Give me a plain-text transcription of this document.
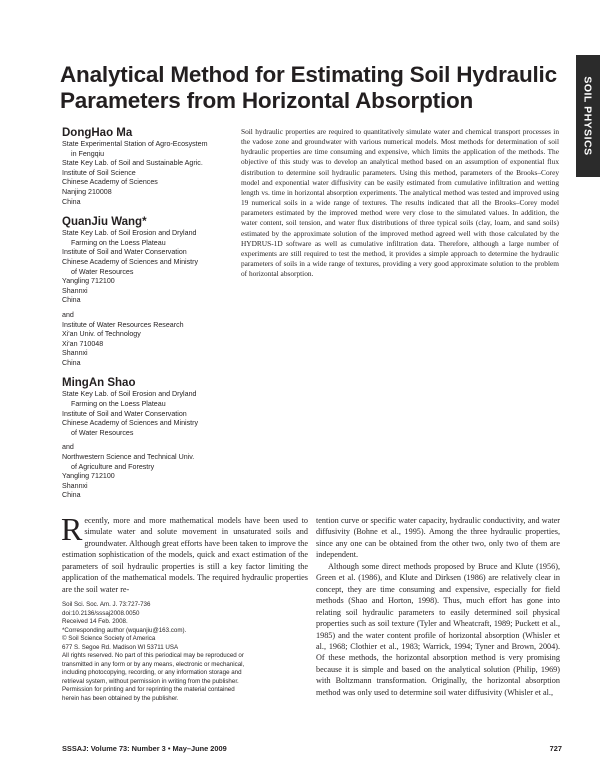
SOIL PHYSICS
Analytical Method for Estimating Soil Hydraulic Parameters from Horizontal Absorption
DongHao Ma
State Experimental Station of Agro-Ecosystem
in Fengqiu
State Key Lab. of Soil and Sustainable Agric.
Institute of Soil Science
Chinese Academy of Sciences
Nanjing 210008
China
QuanJiu Wang*
State Key Lab. of Soil Erosion and Dryland
Farming on the Loess Plateau
Institute of Soil and Water Conservation
Chinese Academy of Sciences and Ministry
of Water Resources
Yangling 712100
Shannxi
China
and
Institute of Water Resources Research
Xi'an Univ. of Technology
Xi'an 710048
Shannxi
China
MingAn Shao
State Key Lab. of Soil Erosion and Dryland
Farming on the Loess Plateau
Institute of Soil and Water Conservation
Chinese Academy of Sciences and Ministry
of Water Resources
and
Northwestern Science and Technical Univ.
of Agriculture and Forestry
Yangling 712100
Shannxi
China
Soil hydraulic properties are required to quantitatively simulate water and chemical transport processes in the vadose zone and groundwater with various numerical models. Most methods for determination of soil hydraulic properties are time consuming and expensive, which limits the application of the methods. The objective of this study was to develop an analytical method based on an assumption of exponential flux distribution to determine soil hydraulic parameters. Using this method, parameters of the Brooks–Corey model and exponential water diffusivity can be easily estimated from cumulative infiltration and wetting length vs. time in horizontal absorption experiments. The analytical method was tested and improved using 19 numerical soils in a wide range of textures. The results indicated that all the Brooks–Corey model parameters estimated by the improved method were very close to the simulated values. In addition, the water content, soil tension, and water flux distributions of three typical soils (clay, loam, and sand soils) estimated by the approximate solution of the improved method agreed well with those calculated by the HYDRUS-1D software as well as cumulative infiltration data. Therefore, although a large number of experiments are still required to test the method, it provides a simple approach to determine the hydraulic parameters of soils in a wide range of textures, providing a very good approximate solution to the problem of horizontal absorption.

Recently, more and more mathematical models have been used to simulate water and solute movement in unsaturated soils and groundwater. Although great efforts have been taken to improve the estimation sophistication of the models, quick and exact estimation of the parameters of soil hydraulic properties is still a key factor limiting the application of the mathematical models. The required hydraulic properties are the soil water re-

Soil Sci. Soc. Am. J. 73:727-736
doi:10.2136/sssaj2008.0050
Received 14 Feb. 2008.
*Corresponding author (wquanjiu@163.com).
© Soil Science Society of America
677 S. Segoe Rd. Madison WI 53711 USA
All rights reserved. No part of this periodical may be reproduced or
transmitted in any form or by any means, electronic or mechanical,
including photocopying, recording, or any information storage and
retrieval system, without permission in writing from the publisher.
Permission for printing and for reprinting the material contained
herein has been obtained by the publisher.

tention curve or specific water capacity, hydraulic conductivity, and water diffusivity (Bohne et al., 1995). Among the three hydraulic properties, since any one can be obtained from the other two, only two of them are independent.

Although some direct methods proposed by Bruce and Klute (1956), Green et al. (1986), and Klute and Dirksen (1986) are relatively clear in concept, they are time consuming and expensive, especially for field methods (Shao and Horton, 1998). Thus, much effort has gone into relating soil hydraulic parameters to easily determined soil physical properties such as soil texture (Tyler and Wheatcraft, 1989; Puckett et al., 1985) and the water content profile of horizontal absorption (Whisler et al., 1968; Clothier et al., 1983; Warrick, 1994; Tyner and Brown, 2004). Of these methods, the horizontal absorption method is very promising because it is simple and based on the analytical solution (Philip, 1969) with Boltzmann transformation. Originally, the horizontal absorption method was only used to determine soil water diffusivity (Whisler et al.,

SSSAJ: Volume 73: Number 3 • May–June 2009	727
